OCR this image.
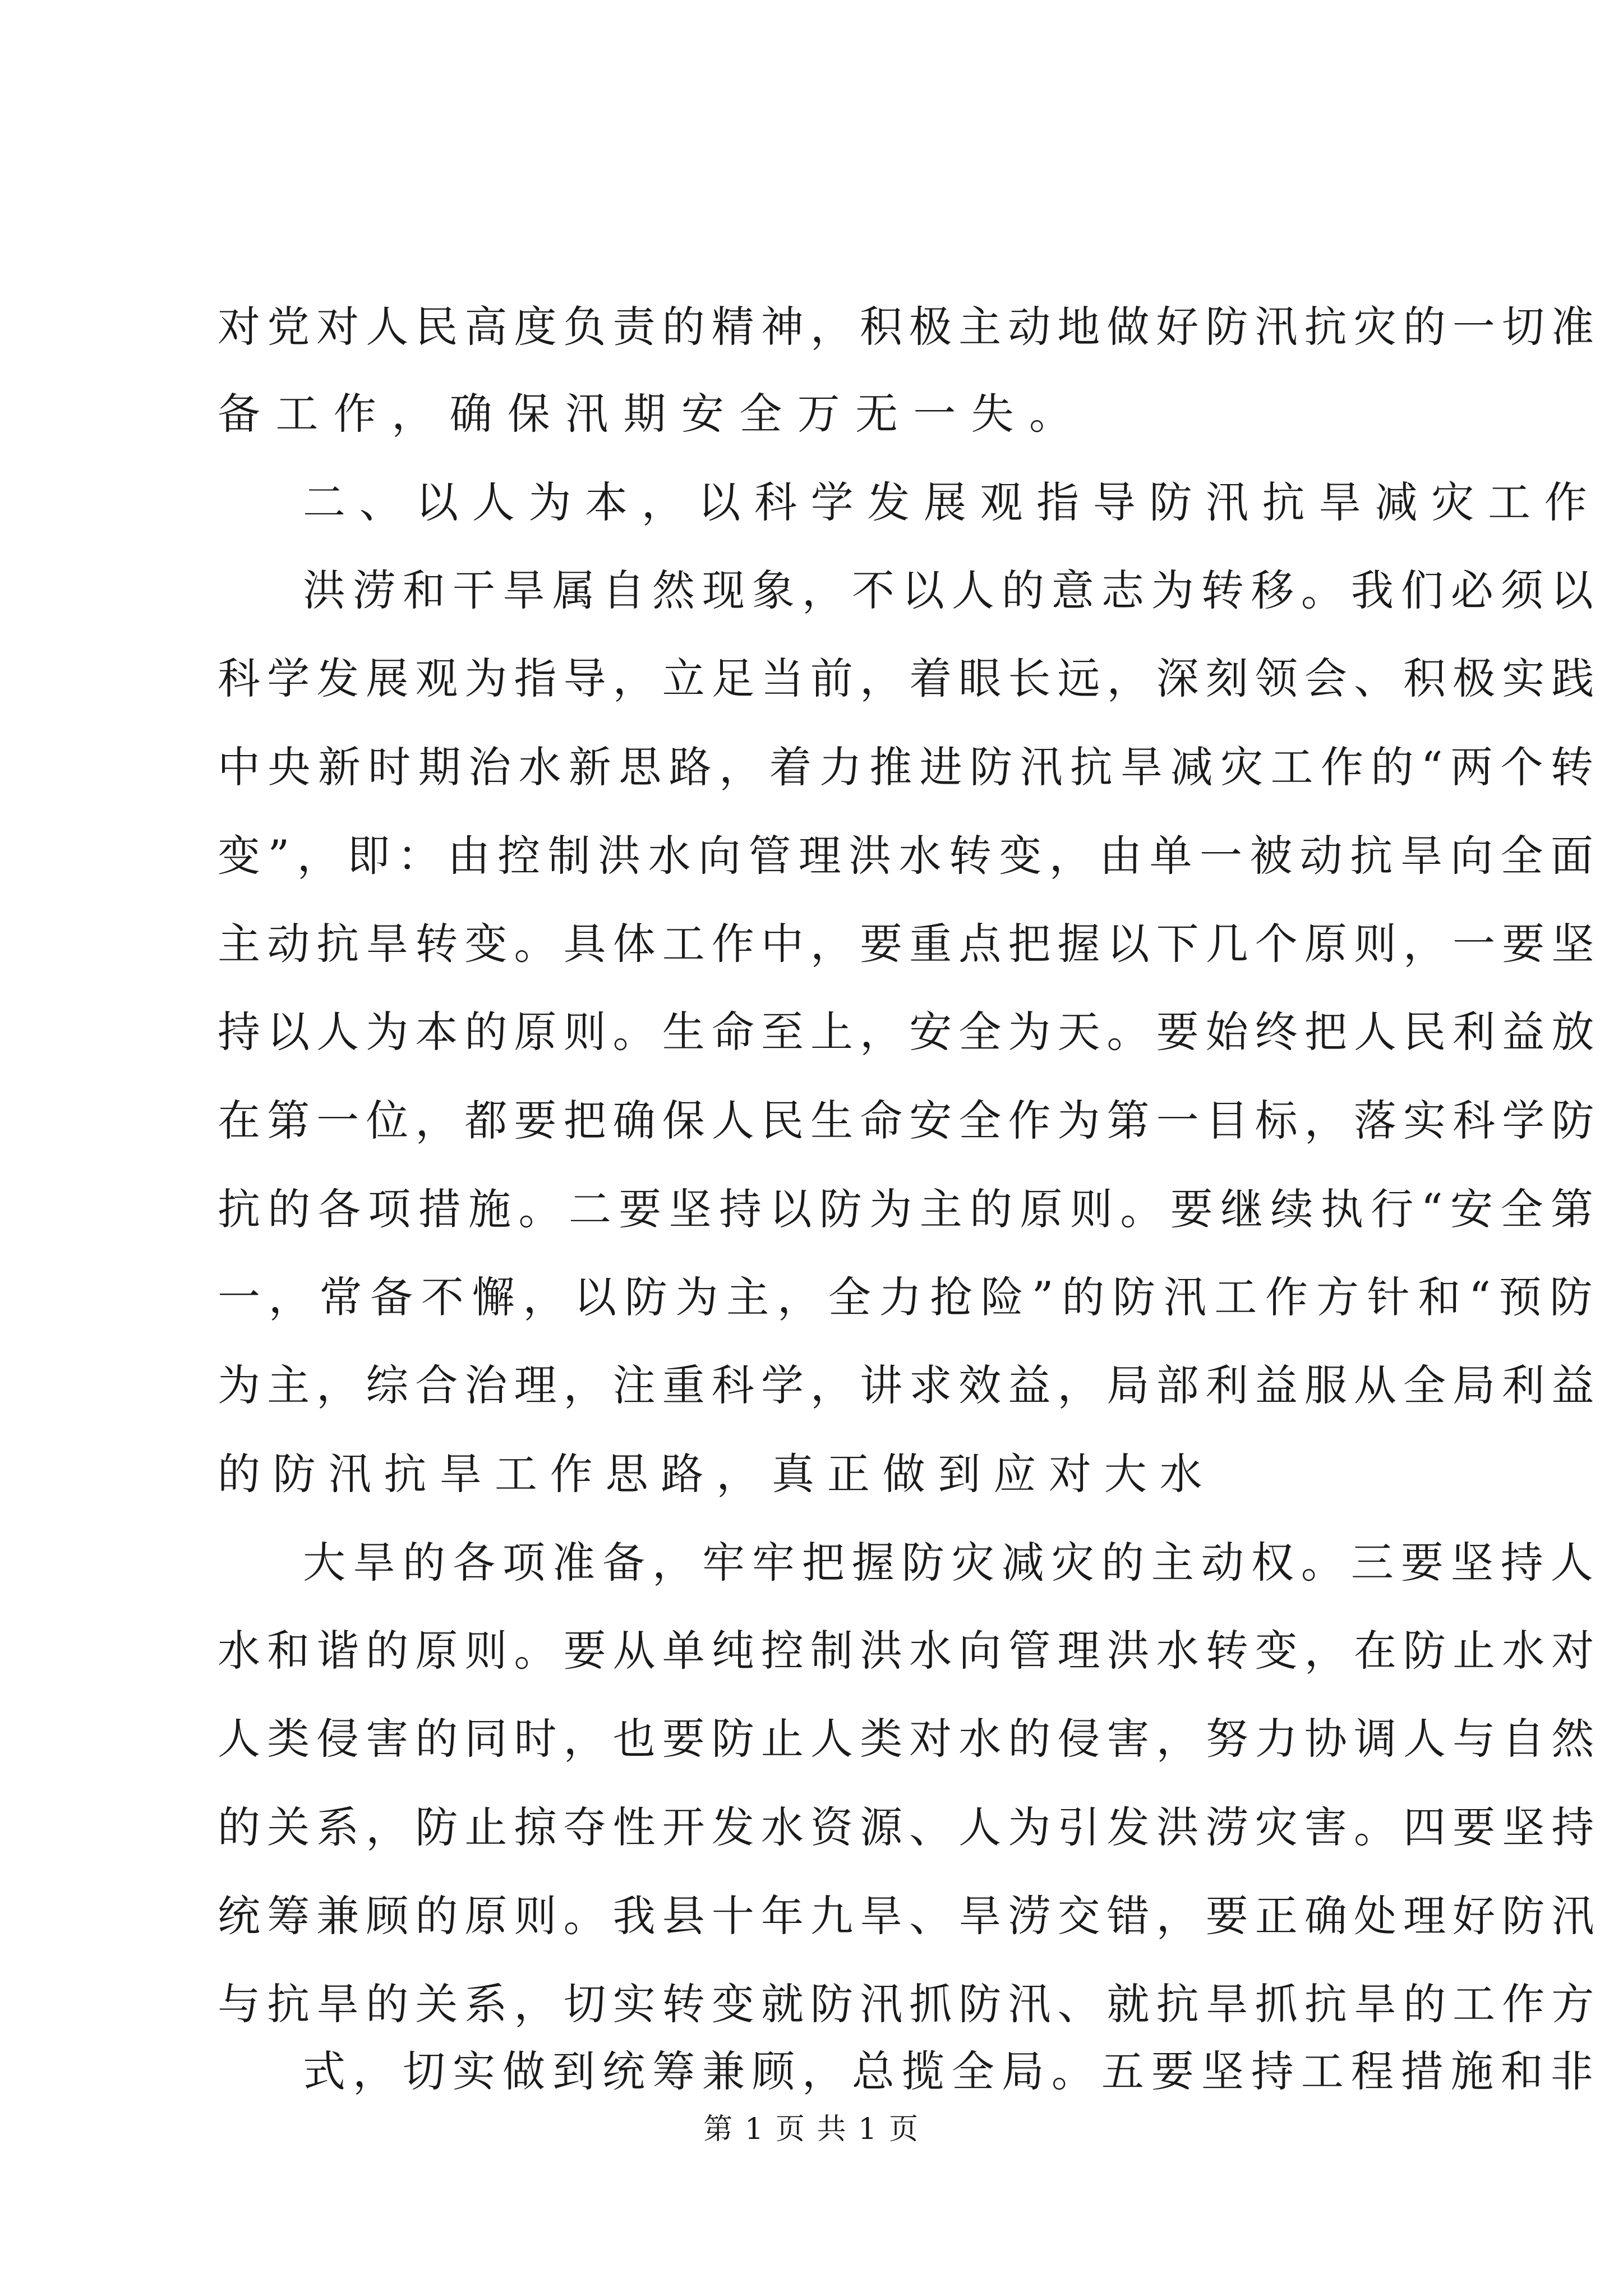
对党对人民高度负责的精神，积极主动地做好防汛抗灾的一切准
备工作，确保汛期安全万无一失。
二、以人为本，以科学发展观指导防汛抗旱减灾工作
洪涝和干旱属自然现象，不以人的意志为转移。我们必须以
科学发展观为指导，立足当前，着眼长远，深刻领会、积极实践
中央新时期治水新思路，着力推进防汛抗旱减灾工作的“两个转
变”，即：由控制洪水向管理洪水转变，由单一被动抗旱向全面
主动抗旱转变。具体工作中，要重点把握以下几个原则，一要坚
持以人为本的原则。生命至上，安全为天。要始终把人民利益放
在第一位，都要把确保人民生命安全作为第一目标，落实科学防
抗的各项措施。二要坚持以防为主的原则。要继续执行“安全第
一，常备不懈，以防为主，全力抢险”的防汛工作方针和“预防
为主，综合治理，注重科学，讲求效益，局部利益服从全局利益
的防汛抗旱工作思路，真正做到应对大水
大旱的各项准备，牢牢把握防灾减灾的主动权。三要坚持人
水和谐的原则。要从单纯控制洪水向管理洪水转变，在防止水对
人类侵害的同时，也要防止人类对水的侵害，努力协调人与自然
的关系，防止掠夺性开发水资源、人为引发洪涝灾害。四要坚持
统筹兼顾的原则。我县十年九旱、旱涝交错，要正确处理好防汛
与抗旱的关系，切实转变就防汛抓防汛、就抗旱抓抗旱的工作方
式，切实做到统筹兼顾，总揽全局。五要坚持工程措施和非
第 1 页 共 1 页
